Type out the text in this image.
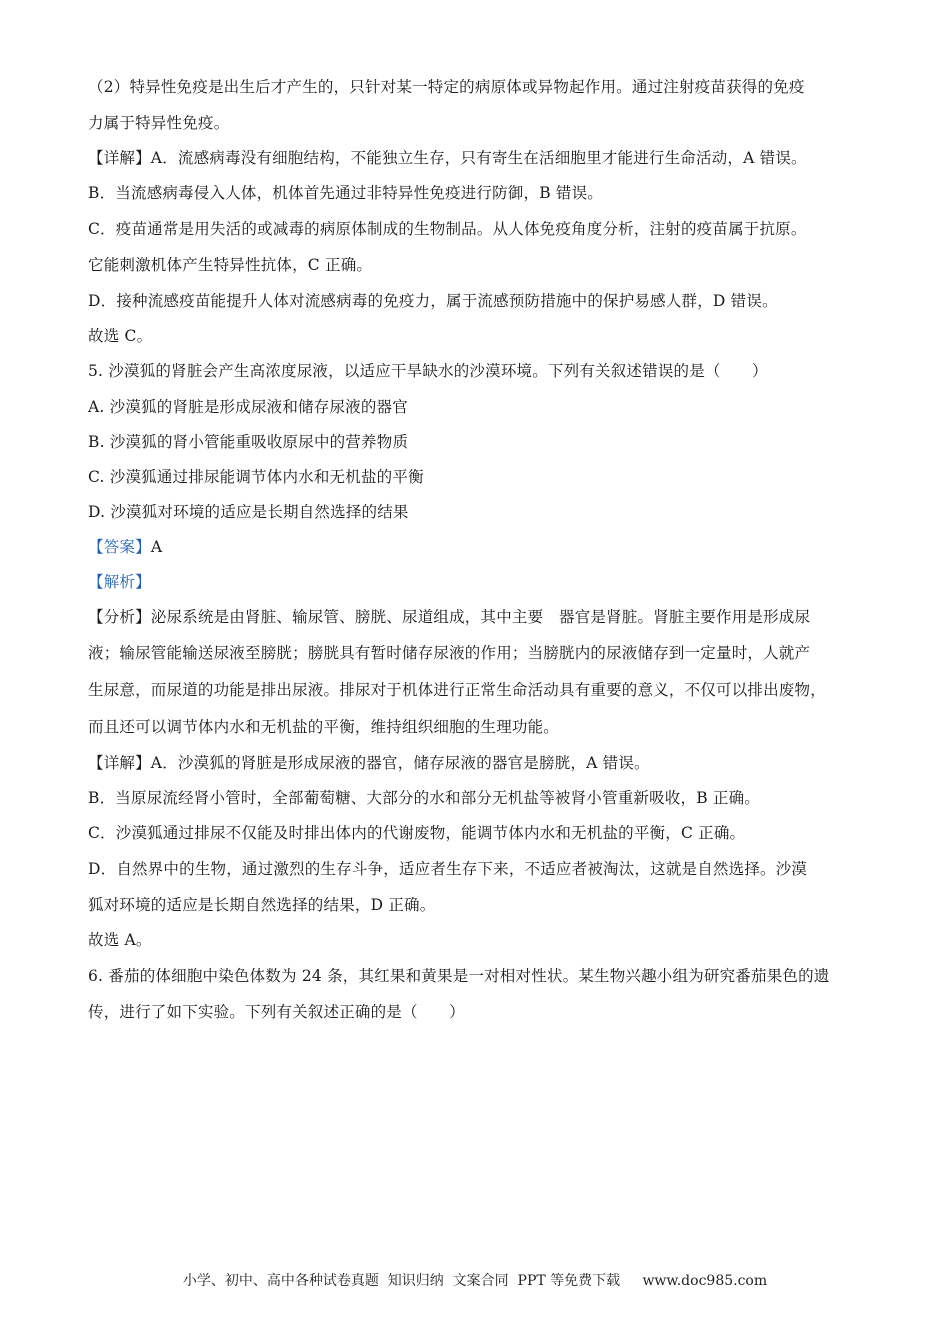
（2）特异性免疫是出生后才产生的，只针对某一特定的病原体或异物起作用。通过注射疫苗获得的免疫
力属于特异性免疫。
【详解】A．流感病毒没有细胞结构，不能独立生存，只有寄生在活细胞里才能进行生命活动，A 错误。
B．当流感病毒侵入人体，机体首先通过非特异性免疫进行防御，B 错误。
C．疫苗通常是用失活的或减毒的病原体制成的生物制品。从人体免疫角度分析，注射的疫苗属于抗原。
它能刺激机体产生特异性抗体，C 正确。
D．接种流感疫苗能提升人体对流感病毒的免疫力，属于流感预防措施中的保护易感人群，D 错误。
故选 C。
5. 沙漠狐的肾脏会产生高浓度尿液，以适应干旱缺水的沙漠环境。下列有关叙述错误的是（　　）
A. 沙漠狐的肾脏是形成尿液和储存尿液的器官
B. 沙漠狐的肾小管能重吸收原尿中的营养物质
C. 沙漠狐通过排尿能调节体内水和无机盐的平衡
D. 沙漠狐对环境的适应是长期自然选择的结果
【答案】A
【解析】
【分析】泌尿系统是由肾脏、输尿管、膀胱、尿道组成，其中主要　器官是肾脏。肾脏主要作用是形成尿
液；输尿管能输送尿液至膀胱；膀胱具有暂时储存尿液的作用；当膀胱内的尿液储存到一定量时，人就产
生尿意，而尿道的功能是排出尿液。排尿对于机体进行正常生命活动具有重要的意义，不仅可以排出废物，
而且还可以调节体内水和无机盐的平衡，维持组织细胞的生理功能。
【详解】A．沙漠狐的肾脏是形成尿液的器官，储存尿液的器官是膀胱，A 错误。
B．当原尿流经肾小管时，全部葡萄糖、大部分的水和部分无机盐等被肾小管重新吸收，B 正确。
C．沙漠狐通过排尿不仅能及时排出体内的代谢废物，能调节体内水和无机盐的平衡，C 正确。
D．自然界中的生物，通过激烈的生存斗争，适应者生存下来，不适应者被淘汰，这就是自然选择。沙漠
狐对环境的适应是长期自然选择的结果，D 正确。
故选 A。
6. 番茄的体细胞中染色体数为 24 条，其红果和黄果是一对相对性状。某生物兴趣小组为研究番茄果色的遗
传，进行了如下实验。下列有关叙述正确的是（　　）
小学、初中、高中各种试卷真题  知识归纳  文案合同  PPT 等免费下载     www.doc985.com
